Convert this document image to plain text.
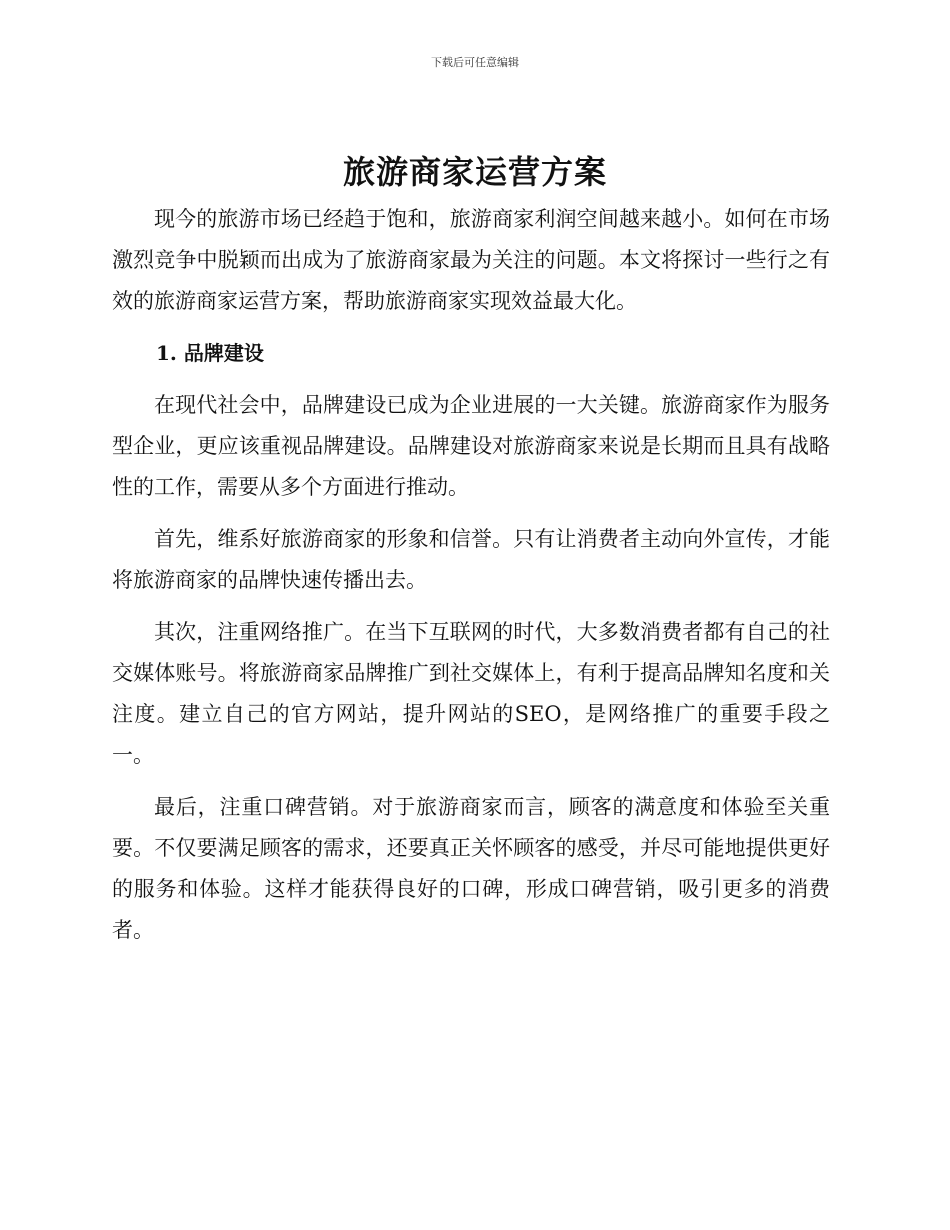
下载后可任意编辑
旅游商家运营方案

现今的旅游市场已经趋于饱和，旅游商家利润空间越来越小。如何在市场激烈竞争中脱颖而出成为了旅游商家最为关注的问题。本文将探讨一些行之有效的旅游商家运营方案，帮助旅游商家实现效益最大化。

1. 品牌建设

在现代社会中，品牌建设已成为企业进展的一大关键。旅游商家作为服务型企业，更应该重视品牌建设。品牌建设对旅游商家来说是长期而且具有战略性的工作，需要从多个方面进行推动。

首先，维系好旅游商家的形象和信誉。只有让消费者主动向外宣传，才能将旅游商家的品牌快速传播出去。

其次，注重网络推广。在当下互联网的时代，大多数消费者都有自己的社交媒体账号。将旅游商家品牌推广到社交媒体上，有利于提高品牌知名度和关注度。建立自己的官方网站，提升网站的SEO，是网络推广的重要手段之一。

最后，注重口碑营销。对于旅游商家而言，顾客的满意度和体验至关重要。不仅要满足顾客的需求，还要真正关怀顾客的感受，并尽可能地提供更好的服务和体验。这样才能获得良好的口碑，形成口碑营销，吸引更多的消费者。
